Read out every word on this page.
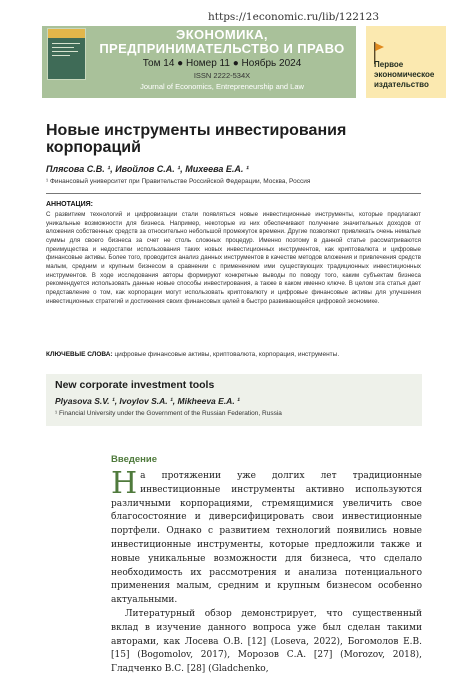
https://1economic.ru/lib/122123
ЭКОНОМИКА,
ПРЕДПРИНИМАТЕЛЬСТВО И ПРАВО
Том 14 ● Номер 11 ● Ноябрь 2024
ISSN 2222-534X
Journal of Economics, Entrepreneurship and Law
Первое экономическое издательство
Новые инструменты инвестирования корпораций
Плясова С.В. ¹, Ивойлов С.А. ¹, Михеева Е.А. ¹
¹ Финансовый университет при Правительстве Российской Федерации, Москва, Россия
АННОТАЦИЯ:
С развитием технологий и цифровизации стали появляться новые инвестиционные инструменты, которые предлагают уникальные возможности для бизнеса. Например, некоторые из них обеспечивают получение значительных доходов от вложения собственных средств за относительно небольшой промежуток времени. Другие позволяют привлекать очень немалые суммы для своего бизнеса за счет не столь сложных процедур. Именно поэтому в данной статье рассматриваются преимущества и недостатки использования таких новых инвестиционных инструментов, как криптовалюта и цифровые финансовые активы. Более того, проводится анализ данных инструментов в качестве методов вложения и привлечения средств малым, средним и крупным бизнесом в сравнении с применением ими существующих традиционных инвестиционных инструментов. В ходе исследования авторы формируют конкретные выводы по поводу того, каким субъектам бизнеса рекомендуется использовать данные новые способы инвестирования, а также в каком именно ключе. В целом эта статья дает представление о том, как корпорации могут использовать криптовалюту и цифровые финансовые активы для улучшения инвестиционных стратегий и достижения своих финансовых целей в быстро развивающейся цифровой экономике.
КЛЮЧЕВЫЕ СЛОВА: цифровые финансовые активы, криптовалюта, корпорация, инструменты.
New corporate investment tools
Plyasova S.V. ¹, Ivoylov S.A. ¹, Mikheeva E.A. ¹
¹ Financial University under the Government of the Russian Federation, Russia
Введение

На протяжении уже долгих лет традиционные инвестиционные инструменты активно используются различными корпорациями, стремящимися увеличить свое благосостояние и диверсифицировать свои инвестиционные портфели. Однако с развитием технологий появились новые инвестиционные инструменты, которые предложили также и новые уникальные возможности для бизнеса, что сделало необходимость их рассмотрения и анализа потенциального применения малым, средним и крупным бизнесом особенно актуальными.

Литературный обзор демонстрирует, что существенный вклад в изучение данного вопроса уже был сделан такими авторами, как Лосева О.В. [12] (Loseva, 2022), Богомолов Е.В. [15] (Bogomolov, 2017), Морозов С.А. [27] (Morozov, 2018), Гладченко В.С. [28] (Gladchenko,
